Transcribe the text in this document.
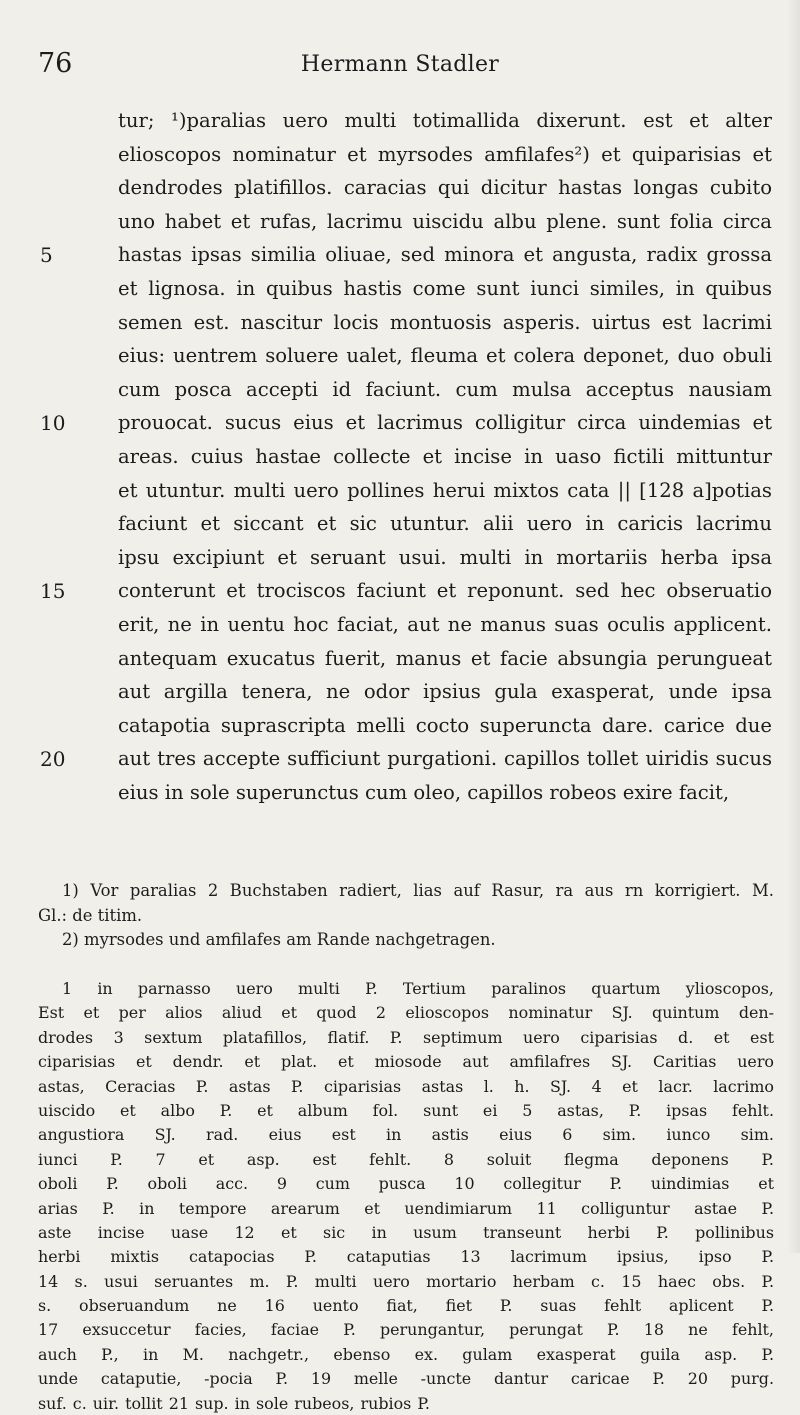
76	Hermann Stadler
tur; ¹)paralias uero multi totimallida dixerunt. est et alter
elioscopos nominatur et myrsodes amfilafes²) et quiparisias et
dendrodes platifillos. caracias qui dicitur hastas longas cubito
uno habet et rufas, lacrimu uiscidu albu plene. sunt folia circa
5	hastas ipsas similia oliuae, sed minora et angusta, radix grossa
et lignosa. in quibus hastis come sunt iunci similes, in quibus
semen est. nascitur locis montuosis asperis. uirtus est lacrimi
eius: uentrem soluere ualet, fleuma et colera deponet, duo obuli
cum posca accepti id faciunt. cum mulsa acceptus nausiam
10	prouocat. sucus eius et lacrimus colligitur circa uindemias et
areas. cuius hastae collecte et incise in uaso fictili mittuntur
et utuntur. multi uero pollines herui mixtos cata || [128 a]potias
faciunt et siccant et sic utuntur. alii uero in caricis lacrimu
ipsu excipiunt et seruant usui. multi in mortariis herba ipsa
15	conterunt et trociscos faciunt et reponunt. sed hec obseruatio
erit, ne in uentu hoc faciat, aut ne manus suas oculis applicent.
antequam exucatus fuerit, manus et facie absungia perungueat
aut argilla tenera, ne odor ipsius gula exasperat, unde ipsa
catapotia suprascripta melli cocto superuncta dare. carice due
20	aut tres accepte sufficiunt purgationi. capillos tollet uiridis sucus
eius in sole superunctus cum oleo, capillos robeos exire facit,
1) Vor paralias 2 Buchstaben radiert, lias auf Rasur, ra aus rn korrigiert. M.
Gl.: de titim.
2) myrsodes und amfilafes am Rande nachgetragen.
1 in parnasso uero multi P. Tertium paralinos quartum ylioscopos,
Est et per alios aliud et quod 2 elioscopos nominatur SJ. quintum den-
drodes 3 sextum platafillos, flatif. P. septimum uero ciparisias d. et est
ciparisias et dendr. et plat. et miosode aut amfilafres SJ. Caritias uero
astas, Ceracias P. astas P. ciparisias astas l. h. SJ. 4 et lacr. lacrimo
uiscido et albo P. et album fol. sunt ei 5 astas, P. ipsas fehlt.
angustiora SJ. rad. eius est in astis eius 6 sim. iunco sim.
iunci P. 7 et asp. est fehlt. 8 soluit flegma deponens P.
oboli P. oboli acc. 9 cum pusca 10 collegitur P. uindimias et
arias P. in tempore arearum et uendimiarum 11 colliguntur astae P.
aste incise uase 12 et sic in usum transeunt herbi P. pollinibus
herbi mixtis catapocias P. cataputias 13 lacrimum ipsius, ipso P.
14 s. usui seruantes m. P. multi uero mortario herbam c. 15 haec obs. P.
s. obseruandum ne 16 uento fiat, fiet P. suas fehlt aplicent P.
17 exsuccetur facies, faciae P. perungantur, perungat P. 18 ne fehlt,
auch P., in M. nachgetr., ebenso ex. gulam exasperat guila asp. P.
unde cataputie, -pocia P. 19 melle -uncte dantur caricae P. 20 purg.
suf. c. uir. tollit 21 sup. in sole rubeos, rubios P.
